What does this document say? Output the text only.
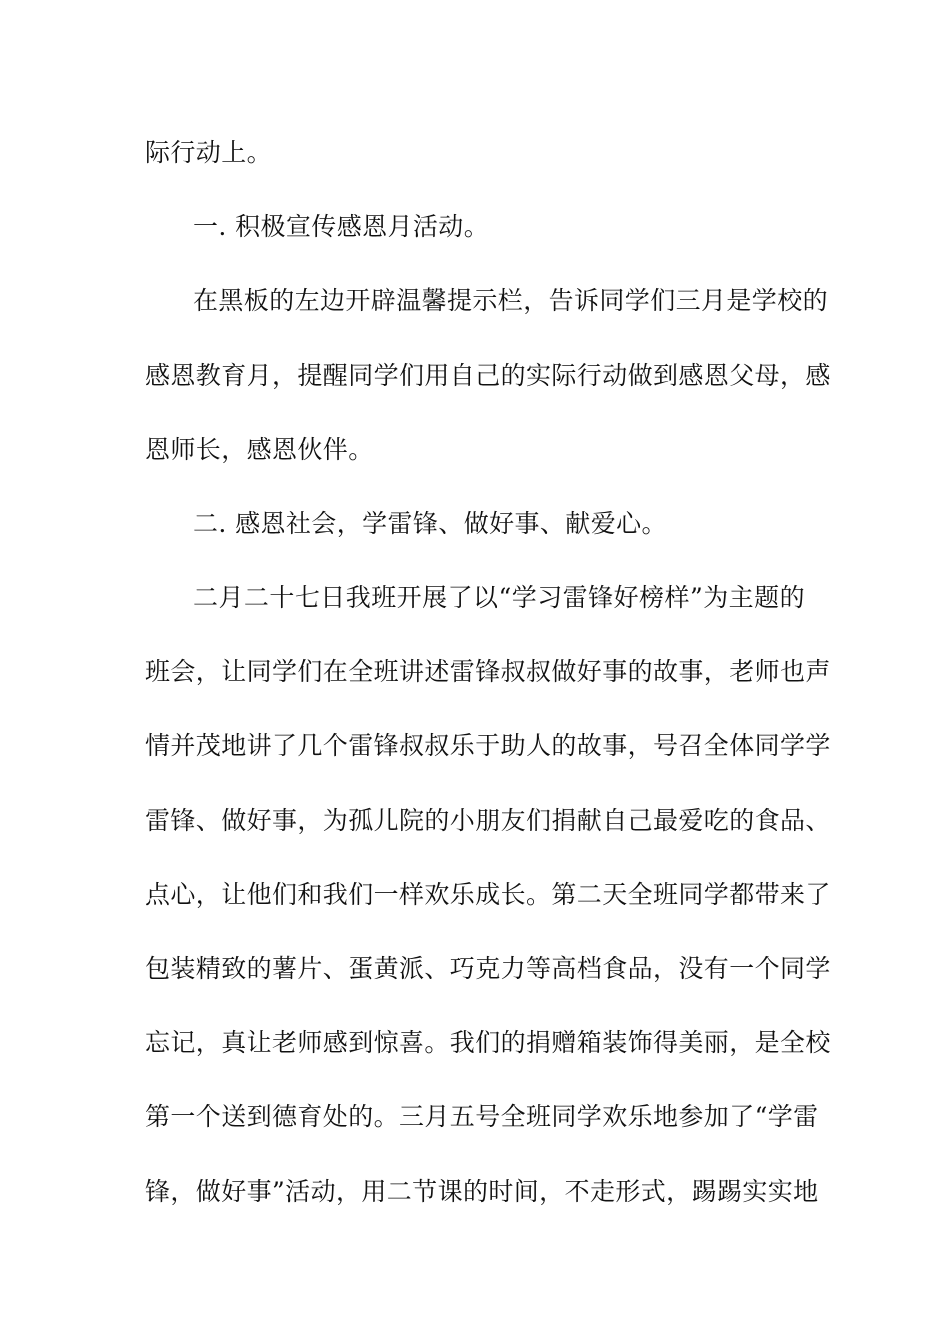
际行动上。
一. 积极宣传感恩月活动。
在黑板的左边开辟温馨提示栏，告诉同学们三月是学校的
感恩教育月，提醒同学们用自己的实际行动做到感恩父母，感
恩师长，感恩伙伴。
二. 感恩社会，学雷锋、做好事、献爱心。
二月二十七日我班开展了以“学习雷锋好榜样”为主题的
班会，让同学们在全班讲述雷锋叔叔做好事的故事，老师也声
情并茂地讲了几个雷锋叔叔乐于助人的故事，号召全体同学学
雷锋、做好事，为孤儿院的小朋友们捐献自己最爱吃的食品、
点心，让他们和我们一样欢乐成长。第二天全班同学都带来了
包装精致的薯片、蛋黄派、巧克力等高档食品，没有一个同学
忘记，真让老师感到惊喜。我们的捐赠箱装饰得美丽，是全校
第一个送到德育处的。三月五号全班同学欢乐地参加了“学雷
锋，做好事”活动，用二节课的时间，不走形式，踢踢实实地
